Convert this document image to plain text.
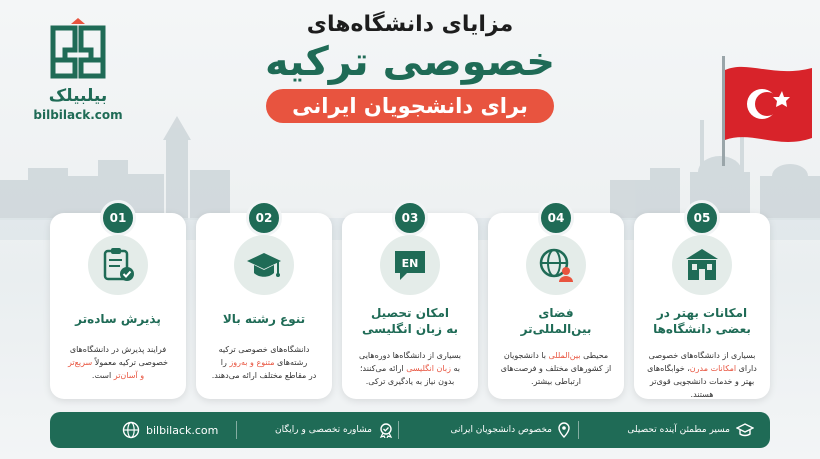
بیلبیلک
bilbilack.com
مزایای دانشگاه‌های
خصوصی ترکیه
برای دانشجویان ایرانی
05
امکانات بهتر در
بعضی دانشگاه‌ها
بسیاری از دانشگاه‌های خصوصی
دارای امکانات مدرن، خوابگاه‌های
بهتر و خدمات دانشجویی قوی‌تر هستند.
04
فضای
بین‌المللی‌تر
محیطی بین‌المللی با دانشجویان
از کشورهای مختلف و فرصت‌های
ارتباطی بیشتر.
03
EN
امکان تحصیل
به زبان انگلیسی
بسیاری از دانشگاه‌ها دوره‌هایی
به زبان انگلیسی ارائه می‌کنند؛
بدون نیاز به یادگیری ترکی.
02
تنوع رشته بالا
دانشگاه‌های خصوصی ترکیه
رشته‌های متنوع و به‌روز را
در مقاطع مختلف ارائه می‌دهند.
01
پذیرش ساده‌تر
فرایند پذیرش در دانشگاه‌های
خصوصی ترکیه معمولاً سریع‌تر
و آسان‌تر است.
مسیر مطمئن آینده تحصیلی
مخصوص دانشجویان ایرانی
مشاوره تخصصی و رایگان
bilbilack.com
